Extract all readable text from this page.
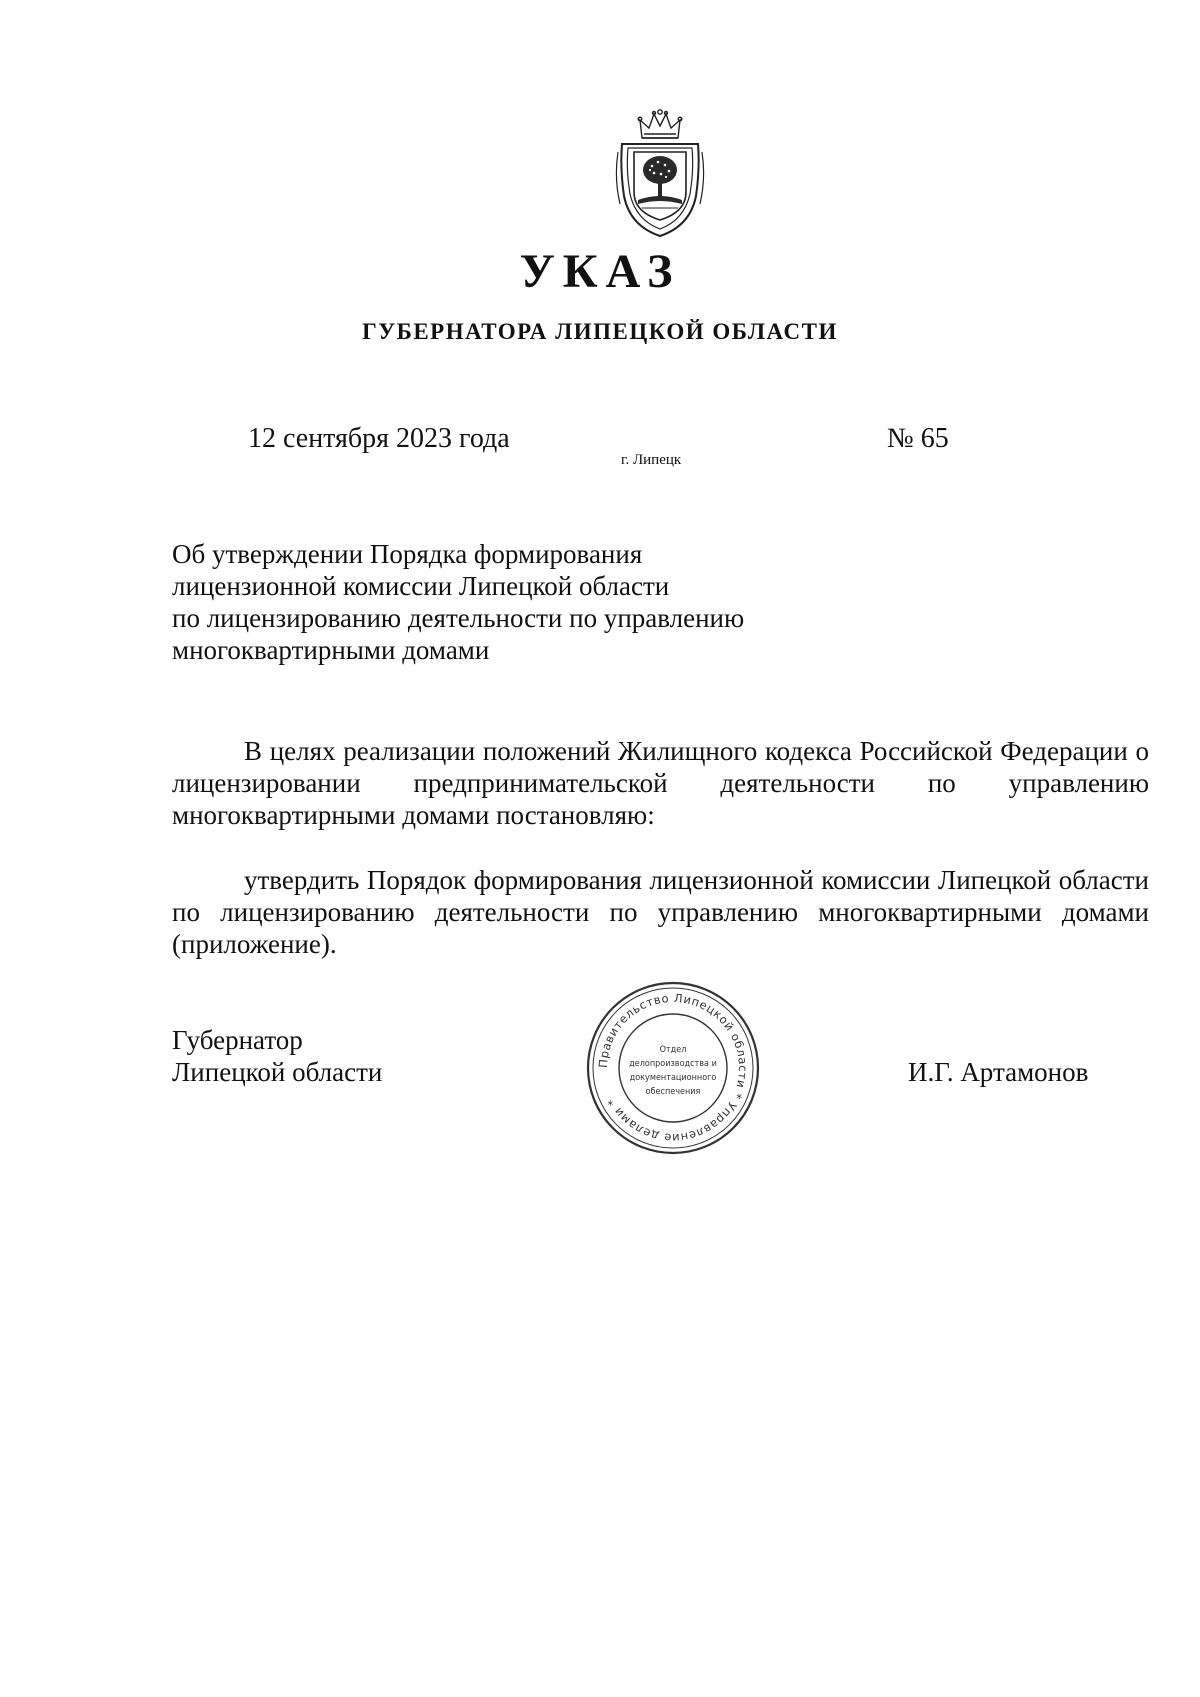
УКАЗ
ГУБЕРНАТОРА ЛИПЕЦКОЙ ОБЛАСТИ
12 сентября 2023 года
г. Липецк
№ 65
Об утверждении Порядка формирования
лицензионной комиссии Липецкой области
по лицензированию деятельности по управлению
многоквартирными домами
В целях реализации положений Жилищного кодекса Российской Федерации о лицензировании предпринимательской деятельности по управлению многоквартирными домами постановляю:
утвердить Порядок формирования лицензионной комиссии Липецкой области по лицензированию деятельности по управлению многоквартирными домами (приложение).
Губернатор
Липецкой области	Правительство Липецкой области * Управление делами *
Отдел
делопроизводства и
документационного
обеспечения
И.Г. Артамонов
